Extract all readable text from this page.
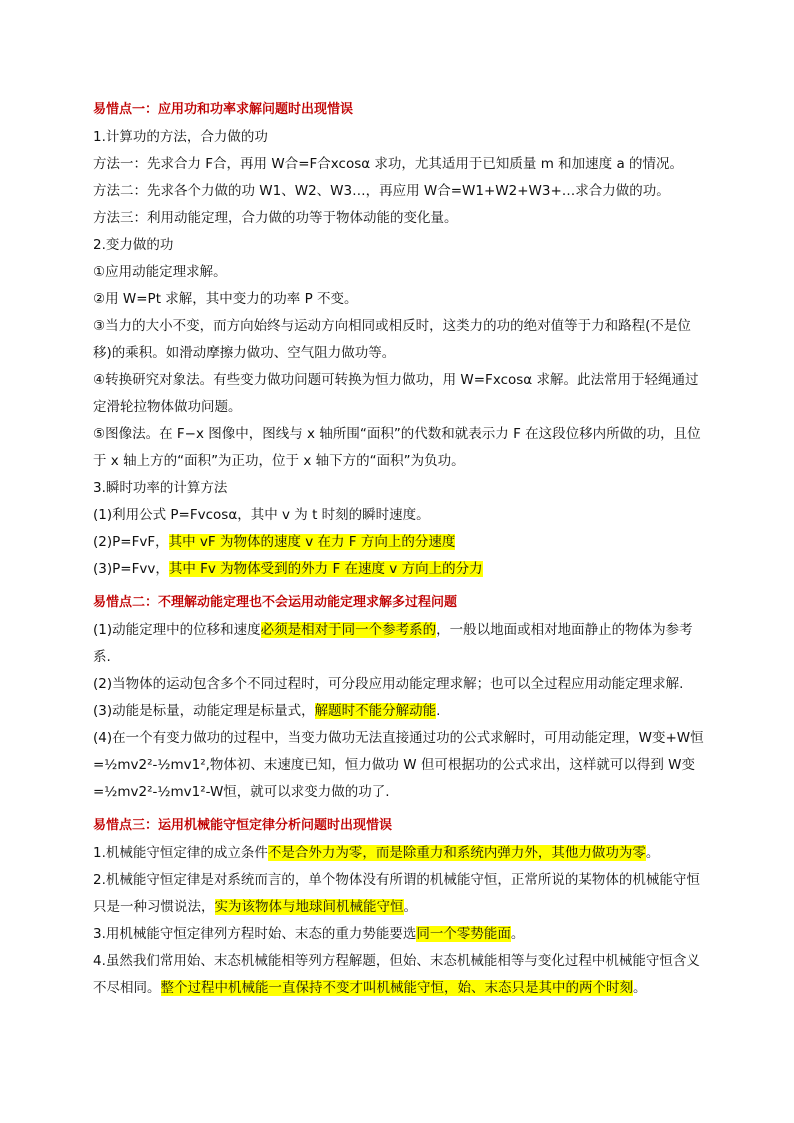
易惜点一：应用功和功率求解问题时出现惜误
1.计算功的方法，合力做的功
方法一：先求合力 F合，再用 W合=F合xcosα 求功，尤其适用于已知质量 m 和加速度 a 的情况。
方法二：先求各个力做的功 W1、W2、W3…，再应用 W合=W1+W2+W3+…求合力做的功。
方法三：利用动能定理，合力做的功等于物体动能的变化量。
2.变力做的功
①应用动能定理求解。
②用 W=Pt 求解，其中变力的功率 P 不变。
③当力的大小不变，而方向始终与运动方向相同或相反时，这类力的功的绝对值等于力和路程(不是位移)的乘积。如滑动摩擦力做功、空气阻力做功等。
④转换研究对象法。有些变力做功问题可转换为恒力做功，用 W=Fxcosα 求解。此法常用于轻绳通过定滑轮拉物体做功问题。
⑤图像法。在 F−x 图像中，图线与 x 轴所围“面积”的代数和就表示力 F 在这段位移内所做的功，且位于 x 轴上方的“面积”为正功，位于 x 轴下方的“面积”为负功。
3.瞬时功率的计算方法
(1)利用公式 P=Fvcosα，其中 v 为 t 时刻的瞬时速度。
(2)P=FvF，其中 vF 为物体的速度 v 在力 F 方向上的分速度
(3)P=Fvv，其中 Fv 为物体受到的外力 F 在速度 v 方向上的分力
易惜点二：不理解动能定理也不会运用动能定理求解多过程问题
(1)动能定理中的位移和速度必须是相对于同一个参考系的，一般以地面或相对地面静止的物体为参考系.
(2)当物体的运动包含多个不同过程时，可分段应用动能定理求解；也可以全过程应用动能定理求解.
(3)动能是标量，动能定理是标量式，解题时不能分解动能.
(4)在一个有变力做功的过程中，当变力做功无法直接通过功的公式求解时，可用动能定理，W变+W恒=½mv2²-½mv1²,物体初、末速度已知，恒力做功 W 但可根据功的公式求出，这样就可以得到 W变=½mv2²-½mv1²-W恒，就可以求变力做的功了.
易惜点三：运用机械能守恒定律分析问题时出现惜误
1.机械能守恒定律的成立条件不是合外力为零，而是除重力和系统内弹力外，其他力做功为零。
2.机械能守恒定律是对系统而言的，单个物体没有所谓的机械能守恒，正常所说的某物体的机械能守恒只是一种习惯说法，实为该物体与地球间机械能守恒。
3.用机械能守恒定律列方程时始、末态的重力势能要选同一个零势能面。
4.虽然我们常用始、末态机械能相等列方程解题，但始、末态机械能相等与变化过程中机械能守恒含义不尽相同。整个过程中机械能一直保持不变才叫机械能守恒，始、末态只是其中的两个时刻。
